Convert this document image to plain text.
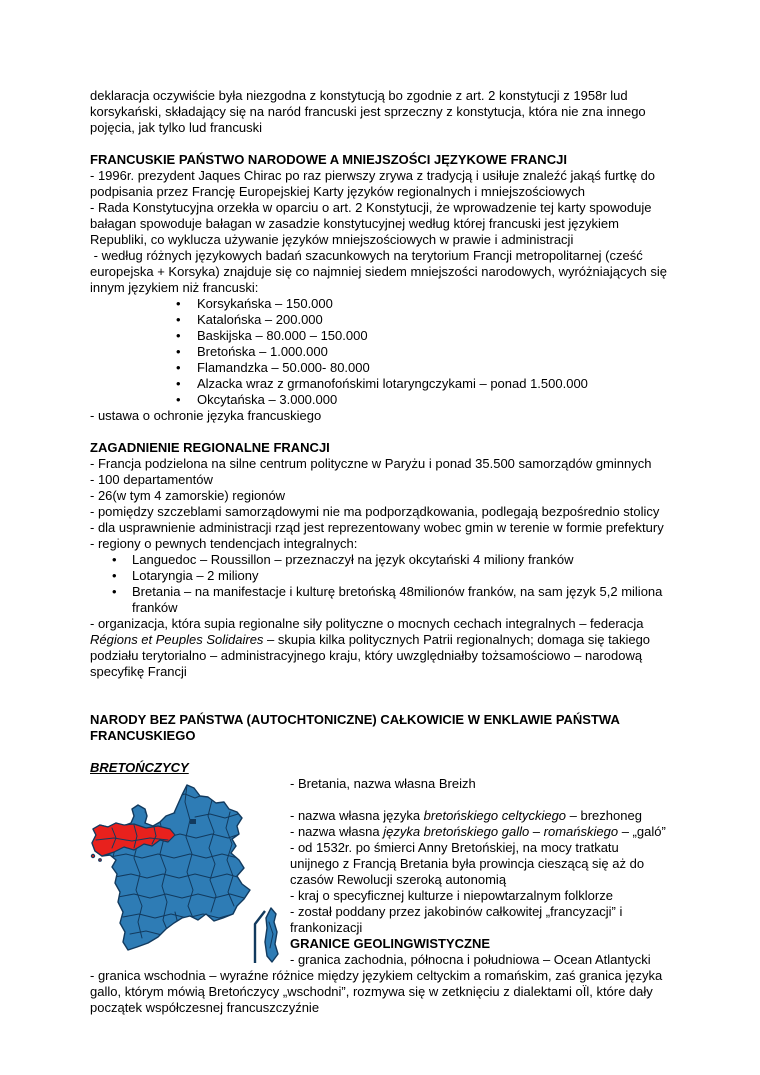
deklaracja oczywiście była niezgodna z konstytucją bo zgodnie z art. 2 konstytucji z 1958r lud korsykański, składający się na naród francuski jest sprzeczny z konstytucja, która nie zna innego pojęcia, jak tylko lud francuski

FRANCUSKIE PAŃSTWO NARODOWE A MNIEJSZOŚCI JĘZYKOWE FRANCJI

- 1996r. prezydent Jaques Chirac po raz pierwszy zrywa z tradycją i usiłuje znaleźć jakąś furtkę do podpisania przez Francję Europejskiej Karty języków regionalnych i mniejszościowych

- Rada Konstytucyjna orzekła w oparciu o art. 2 Konstytucji, że wprowadzenie tej karty spowoduje bałagan spowoduje bałagan w zasadzie konstytucyjnej według której francuski jest językiem Republiki, co wyklucza używanie języków mniejszościowych w prawie i administracji

- według różnych językowych badań szacunkowych na terytorium Francji metropolitarnej (cześć europejska + Korsyka) znajduje się co najmniej siedem mniejszości narodowych, wyróżniających się innym językiem niż francuski:

• Korsykańska – 150.000
• Katalońska – 200.000
• Baskijska – 80.000 – 150.000
• Bretońska – 1.000.000
• Flamandzka – 50.000- 80.000
• Alzacka wraz z grmanofońskimi lotaryngczykami – ponad 1.500.000
• Okcytańska – 3.000.000

- ustawa o ochronie języka francuskiego

ZAGADNIENIE REGIONALNE FRANCJI

- Francja podzielona na silne centrum polityczne w Paryżu i ponad 35.500 samorządów gminnych

- 100 departamentów

- 26(w tym 4 zamorskie) regionów

- pomiędzy szczeblami samorządowymi nie ma podporządkowania, podlegają bezpośrednio stolicy

- dla usprawnienie administracji rząd jest reprezentowany wobec gmin w terenie w formie prefektury

- regiony o pewnych tendencjach integralnych:

• Languedoc – Roussillon – przeznaczył na język okcytański 4 miliony franków
• Lotaryngia – 2 miliony
• Bretania – na manifestacje i kulturę bretońską 48milionów franków, na sam język 5,2 miliona franków

- organizacja, która supia regionalne siły polityczne o mocnych cechach integralnych – federacja Régions et Peuples Solidaires – skupia kilka politycznych Patrii regionalnych; domaga się takiego podziału terytorialno – administracyjnego kraju, który uwzględniałby tożsamościowo – narodową specyfikę Francji

NARODY BEZ PAŃSTWA (AUTOCHTONICZNE) CAŁKOWICIE W ENKLAWIE PAŃSTWA FRANCUSKIEGO
BRETOŃCZYCY

- Bretania, nazwa własna Breizh

- nazwa własna języka bretońskiego celtyckiego – brezhoneg

- nazwa własna języka bretońskiego gallo – romańskiego – „galó”

- od 1532r. po śmierci Anny Bretońskiej, na mocy tratkatu unijnego z Francją Bretania była prowincja cieszącą się aż do czasów Rewolucji szeroką autonomią

- kraj o specyficznej kulturze i niepowtarzalnym folklorze

- został poddany przez jakobinów całkowitej „francyzacji” i frankonizacji

GRANICE GEOLINGWISTYCZNE

- granica zachodnia, północna i południowa – Ocean Atlantycki

- granica wschodnia – wyraźne różnice między językiem celtyckim a romańskim, zaś granica języka gallo, którym mówią Bretończycy „wschodni”, rozmywa się w zetknięciu z dialektami oÏl, które dały początek współczesnej francuszczyźnie
